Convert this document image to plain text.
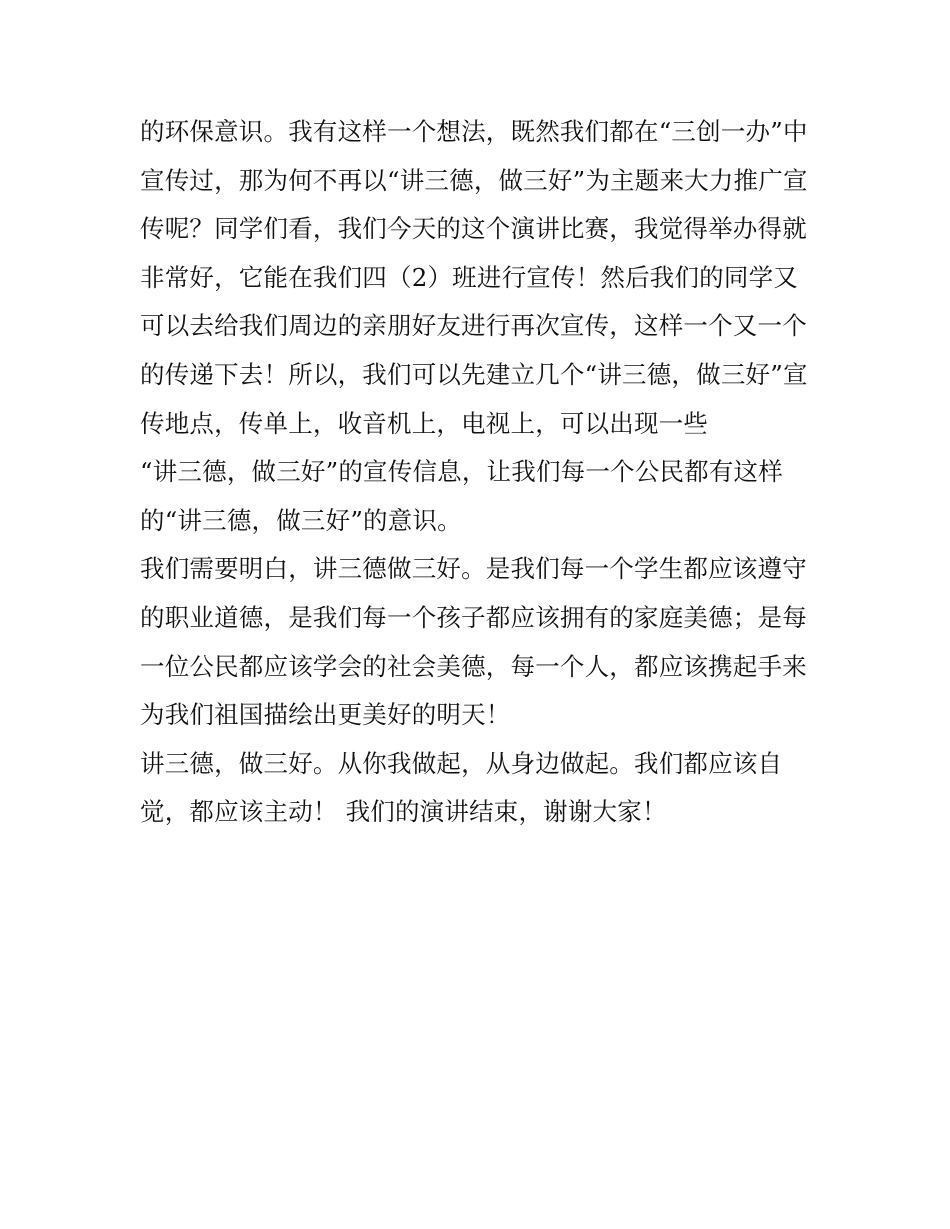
的环保意识。我有这样一个想法，既然我们都在“三创一办”中
宣传过，那为何不再以“讲三德，做三好”为主题来大力推广宣
传呢？同学们看，我们今天的这个演讲比赛，我觉得举办得就
非常好，它能在我们四（2）班进行宣传！然后我们的同学又
可以去给我们周边的亲朋好友进行再次宣传，这样一个又一个
的传递下去！所以，我们可以先建立几个“讲三德，做三好”宣
传地点，传单上，收音机上，电视上，可以出现一些
“讲三德，做三好”的宣传信息，让我们每一个公民都有这样
的“讲三德，做三好”的意识。
我们需要明白，讲三德做三好。是我们每一个学生都应该遵守
的职业道德，是我们每一个孩子都应该拥有的家庭美德；是每
一位公民都应该学会的社会美德，每一个人，都应该携起手来
为我们祖国描绘出更美好的明天！
讲三德，做三好。从你我做起，从身边做起。我们都应该自
觉，都应该主动！ 我们的演讲结束，谢谢大家！
